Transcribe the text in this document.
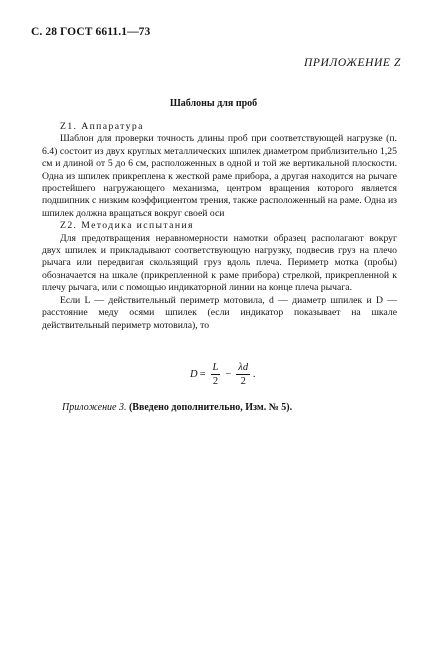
С. 28 ГОСТ 6611.1—73
ПРИЛОЖЕНИЕ Z
Шаблоны для проб

Z1. Аппаратура

Шаблон для проверки точность длины проб при соответствующей нагрузке (п. 6.4) состоит из двух круглых металлических шпилек диаметром приблизительно 1,25 см и длиной от 5 до 6 см, расположенных в одной и той же вертикальной плоскости. Одна из шпилек прикреплена к жесткой раме прибора, а другая находится на рычаге простейшего нагружающего механизма, центром вращения которого является подшипник с низким коэффициентом трения, также расположенный на раме. Одна из шпилек должна вращаться вокруг своей оси

Z2. Методика испытания

Для предотвращения неравномерности намотки образец располагают вокруг двух шпилек и прикладывают соответствующую нагрузку, подвесив груз на плечо рычага или передвигая скользящий груз вдоль плеча. Периметр мотка (пробы) обозначается на шкале (прикрепленной к раме прибора) стрелкой, прикрепленной к плечу рычага, или с помощью индикаторной линии на конце плеча рычага.

Если L — действительный периметр мотовила, d — диаметр шпилек и D — расстояние меду осями шпилек (если индикатор показывает на шкале действительный периметр мотовила), то

$D = \frac{L}{2} - \frac{\lambda d}{2}$ .
Приложение 3. (Введено дополнительно, Изм. № 5).
